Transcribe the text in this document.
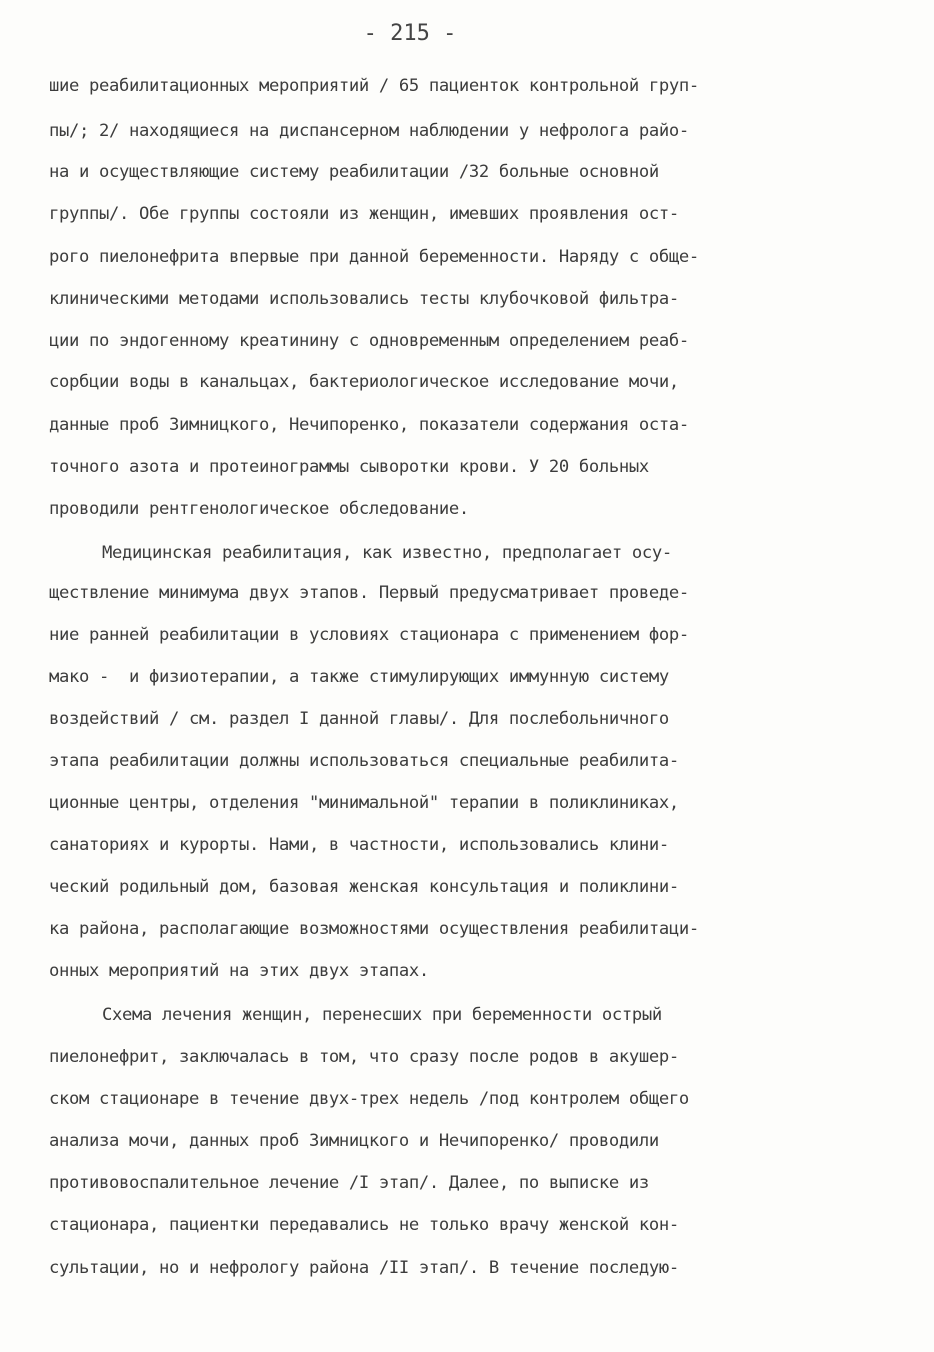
- 215 -
шие реабилитационных мероприятий / 65 пациенток контрольной груп-
пы/; 2/ находящиеся на диспансерном наблюдении у нефролога райо-
на и осуществляющие систему реабилитации /32 больные основной
группы/. Обе группы состояли из женщин, имевших проявления ост-
рого пиелонефрита впервые при данной беременности. Наряду с обще-
клиническими методами использовались тесты клубочковой фильтра-
ции по эндогенному креатинину с одновременным определением реаб-
сорбции воды в канальцах, бактериологическое исследование мочи,
данные проб Зимницкого, Нечипоренко, показатели содержания оста-
точного азота и протеинограммы сыворотки крови. У 20 больных
проводили рентгенологическое обследование.
Медицинская реабилитация, как известно, предполагает осу-
ществление минимума двух этапов. Первый предусматривает проведе-
ние ранней реабилитации в условиях стационара с применением фор-
мако -  и физиотерапии, а также стимулирующих иммунную систему
воздействий / см. раздел I данной главы/. Для послебольничного
этапа реабилитации должны использоваться специальные реабилита-
ционные центры, отделения "минимальной" терапии в поликлиниках,
санаториях и курорты. Нами, в частности, использовались клини-
ческий родильный дом, базовая женская консультация и поликлини-
ка района, располагающие возможностями осуществления реабилитаци-
онных мероприятий на этих двух этапах.
Схема лечения женщин, перенесших при беременности острый
пиелонефрит, заключалась в том, что сразу после родов в акушер-
ском стационаре в течение двух-трех недель /под контролем общего
анализа мочи, данных проб Зимницкого и Нечипоренко/ проводили
противовоспалительное лечение /I этап/. Далее, по выписке из
стационара, пациентки передавались не только врачу женской кон-
сультации, но и нефрологу района /II этап/. В течение последую-
